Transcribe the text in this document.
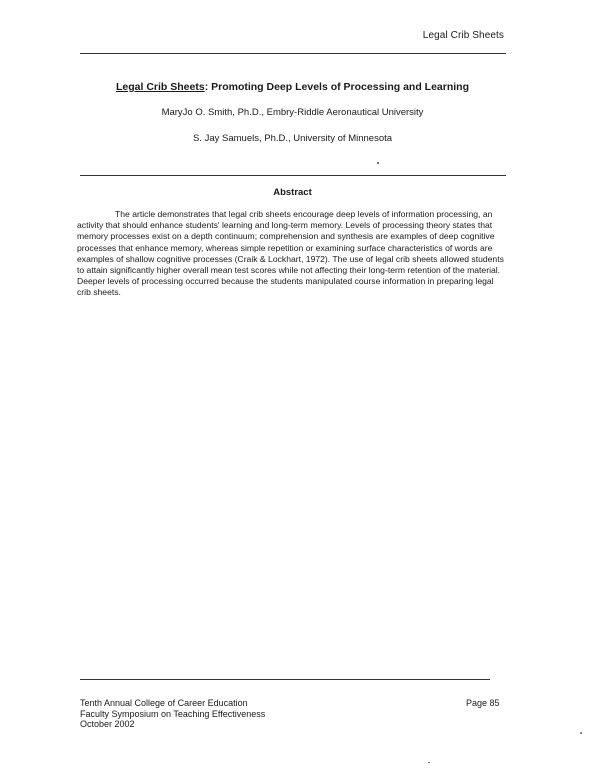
Legal Crib Sheets
Legal Crib Sheets: Promoting Deep Levels of Processing and Learning
MaryJo O. Smith, Ph.D., Embry-Riddle Aeronautical University
S. Jay Samuels, Ph.D., University of Minnesota
Abstract

The article demonstrates that legal crib sheets encourage deep levels of information processing, an activity that should enhance students' learning and long-term memory. Levels of processing theory states that memory processes exist on a depth continuum; comprehension and synthesis are examples of deep cognitive processes that enhance memory, whereas simple repetition or examining surface characteristics of words are examples of shallow cognitive processes (Craik & Lockhart, 1972). The use of legal crib sheets allowed students to attain significantly higher overall mean test scores while not affecting their long-term retention of the material. Deeper levels of processing occurred because the students manipulated course information in preparing legal crib sheets.

Tenth Annual College of Career Education
Faculty Symposium on Teaching Effectiveness
October 2002
Page 85
